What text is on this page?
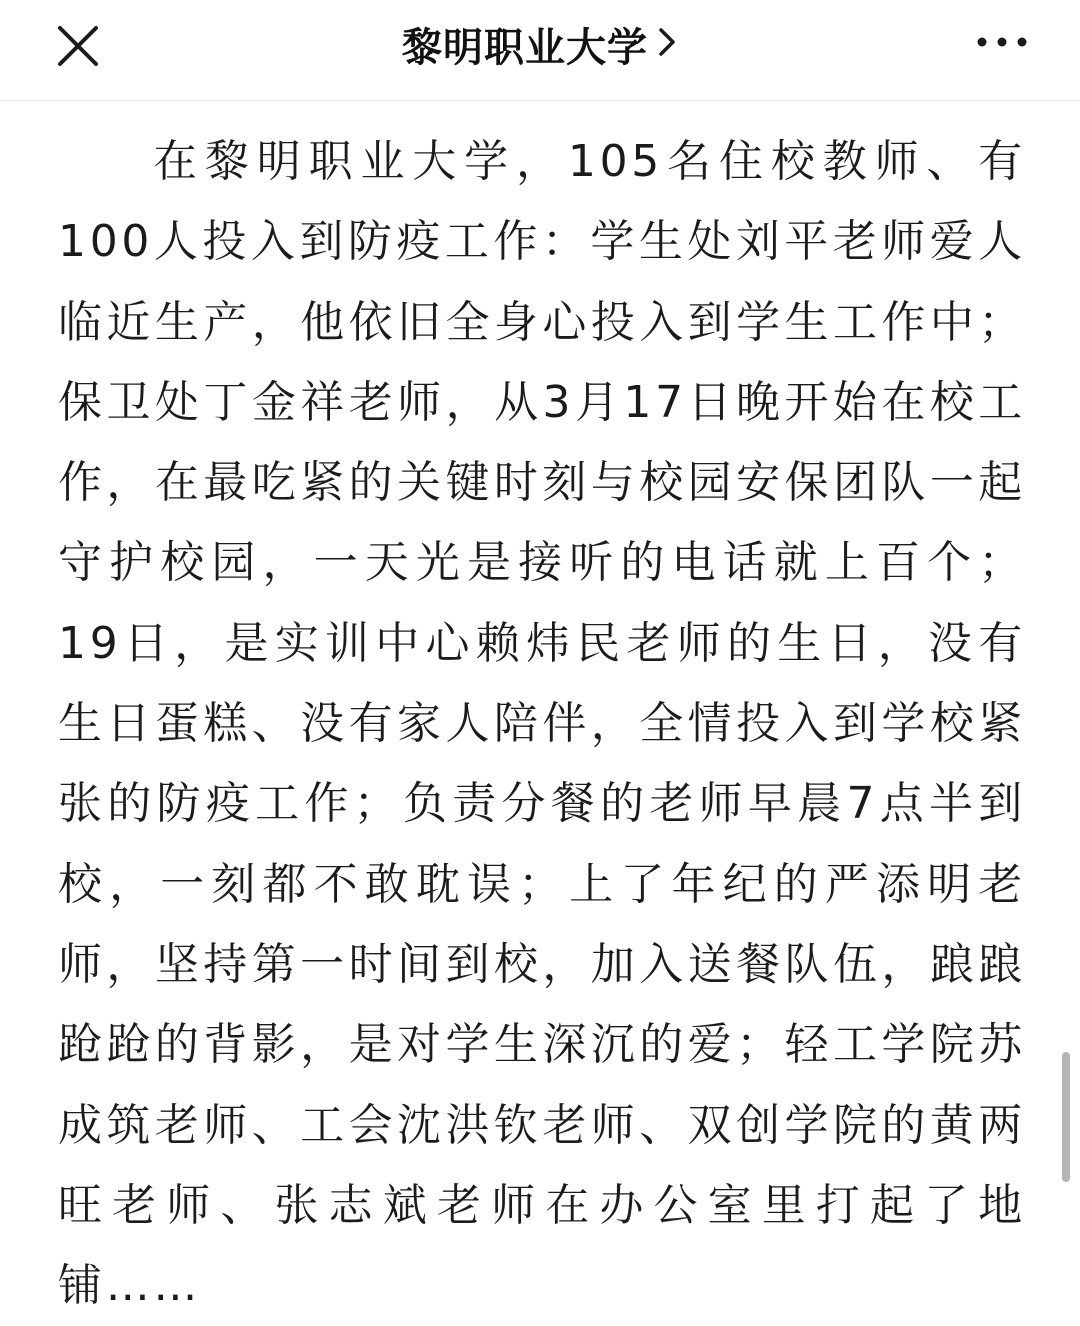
黎明职业大学

在黎明职业大学，105名住校教师、有100人投入到防疫工作：学生处刘平老师爱人临近生产，他依旧全身心投入到学生工作中；保卫处丁金祥老师，从3月17日晚开始在校工作，在最吃紧的关键时刻与校园安保团队一起守护校园，一天光是接听的电话就上百个；19日，是实训中心赖炜民老师的生日，没有生日蛋糕、没有家人陪伴，全情投入到学校紧张的防疫工作；负责分餐的老师早晨7点半到校，一刻都不敢耽误；上了年纪的严添明老师，坚持第一时间到校，加入送餐队伍，踉踉跄跄的背影，是对学生深沉的爱；轻工学院苏成筑老师、工会沈洪钦老师、双创学院的黄两旺老师、张志斌老师在办公室里打起了地铺……
